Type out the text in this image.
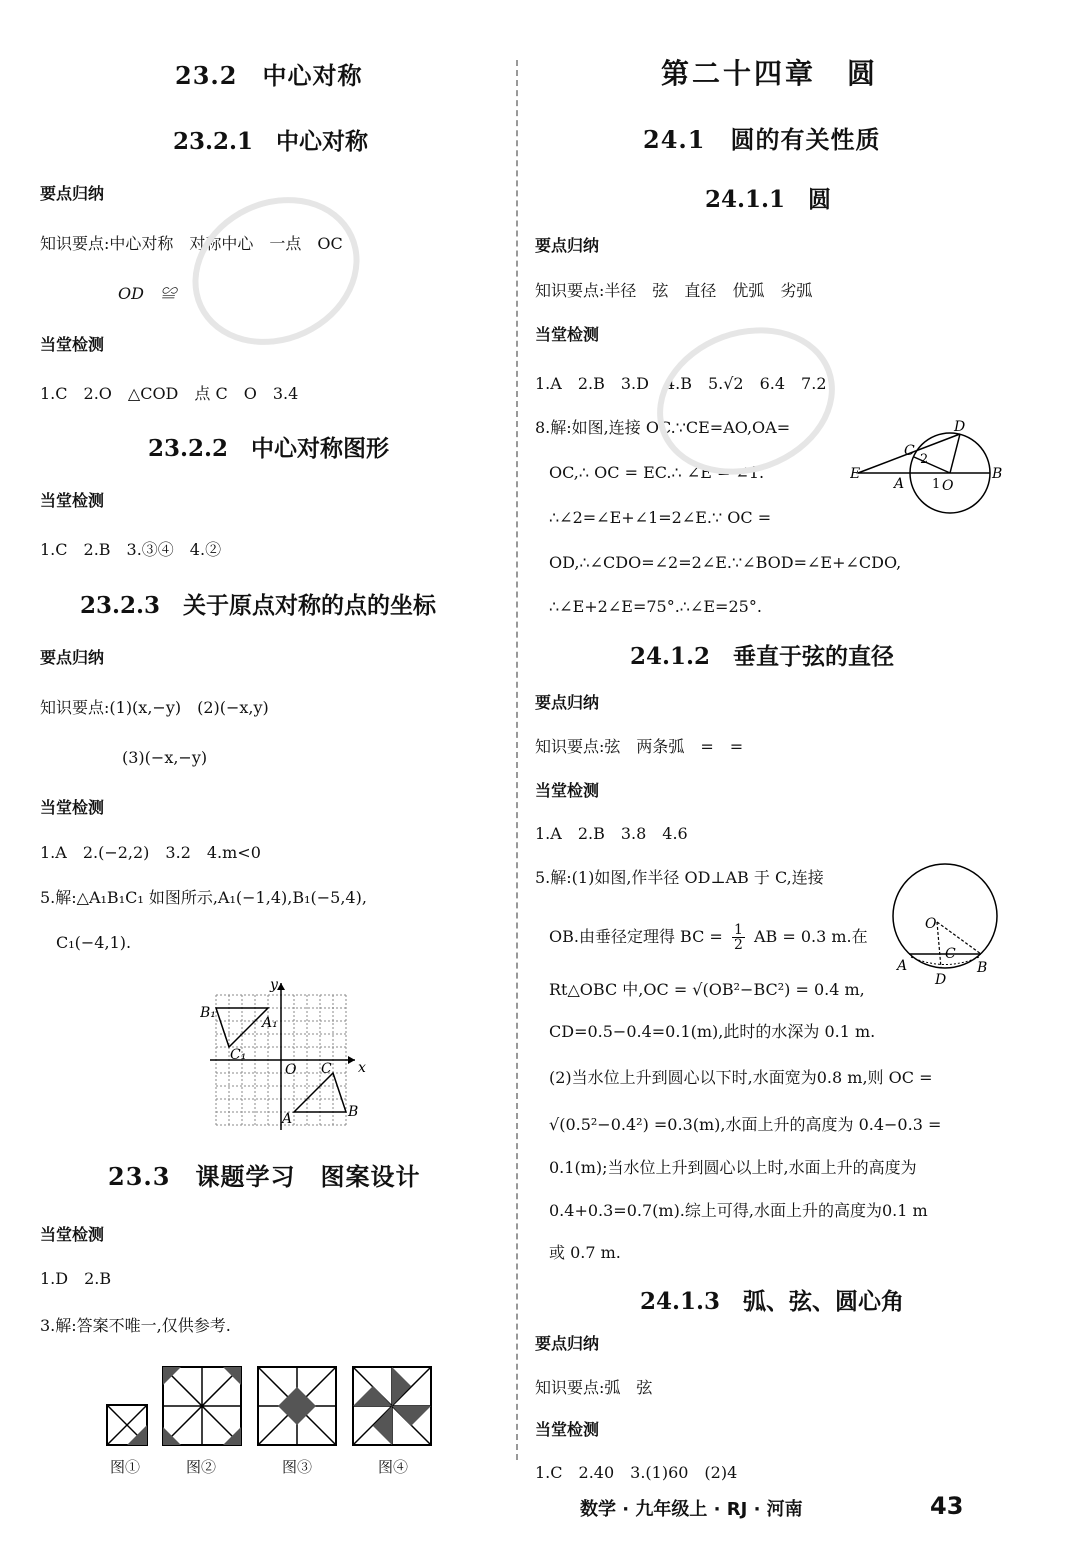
23.2　中心对称
23.2.1　中心对称
要点归纳
知识要点:中心对称　对称中心　一点　OC
OD　≌
当堂检测
1.C　2.O　△COD　点 C　O　3.4
23.2.2　中心对称图形
当堂检测
1.C　2.B　3.③④　4.②
23.2.3　关于原点对称的点的坐标
要点归纳
知识要点:(1)(x,−y)　(2)(−x,y)
(3)(−x,−y)
当堂检测
1.A　2.(−2,2)　3.2　4.m<0
5.解:△A₁B₁C₁ 如图所示,A₁(−1,4),B₁(−5,4),
C₁(−4,1).
y
x
O
B₁
A₁
C₁
C
A	B
23.3　课题学习　图案设计
当堂检测
1.D　2.B
3.解:答案不唯一,仅供参考.
图①	图②	图③	图④
第二十四章　圆
24.1　圆的有关性质
24.1.1　圆
要点归纳
知识要点:半径　弦　直径　优弧　劣弧
当堂检测
1.A　2.B　3.D　4.B　5.√2　6.4　7.2
8.解:如图,连接 OC.∵CE=AO,OA=
OC,∴ OC = EC.∴ ∠E = ∠1.
∴∠2=∠E+∠1=2∠E.∵ OC =
OD,∴∠CDO=∠2=2∠E.∵∠BOD=∠E+∠CDO,
∴∠E+2∠E=75°.∴∠E=25°.
D
C
2
E
A 1 O
B
24.1.2　垂直于弦的直径
要点归纳
知识要点:弦　两条弧　=　=
当堂检测
1.A　2.B　3.8　4.6
5.解:(1)如图,作半径 OD⊥AB 于 C,连接
OB.由垂径定理得 BC = $\frac{1}{2}$ AB = 0.3 m.在
Rt△OBC 中,OC = √(OB²−BC²) = 0.4 m,
CD=0.5−0.4=0.1(m),此时的水深为 0.1 m.
(2)当水位上升到圆心以下时,水面宽为0.8 m,则 OC =
√(0.5²−0.4²) =0.3(m),水面上升的高度为 0.4−0.3 =
0.1(m);当水位上升到圆心以上时,水面上升的高度为
0.4+0.3=0.7(m).综上可得,水面上升的高度为0.1 m
或 0.7 m.
O
A
C
B
D
24.1.3　弧、弦、圆心角
要点归纳
知识要点:弧　弦
当堂检测
1.C　2.40　3.(1)60　(2)4
数学 · 九年级上 · RJ · 河南	43
